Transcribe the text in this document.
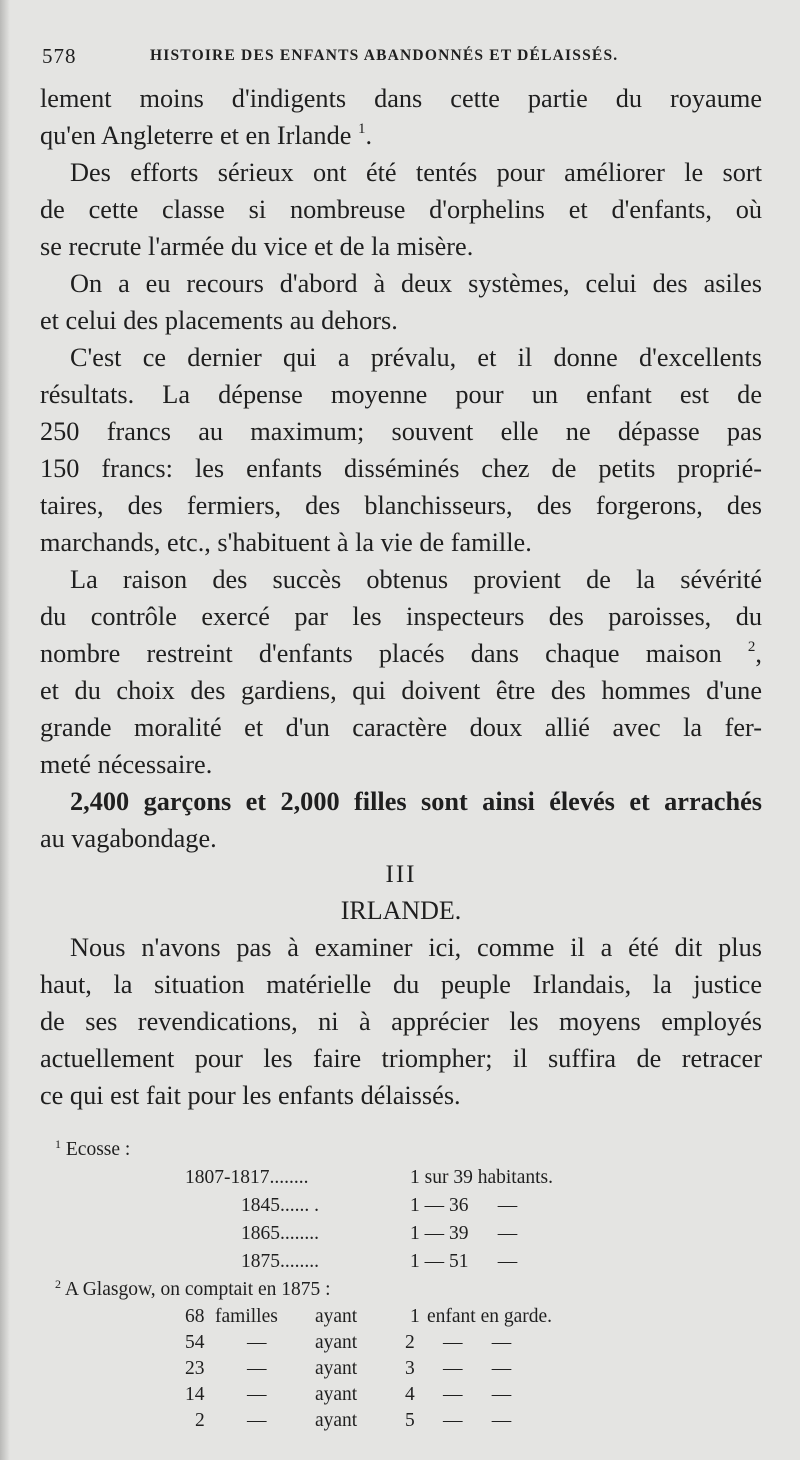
578	HISTOIRE DES ENFANTS ABANDONNÉS ET DÉLAISSÉS.
lement moins d'indigents dans cette partie du royaume
qu'en Angleterre et en Irlande $^1$.
Des efforts sérieux ont été tentés pour améliorer le sort
de cette classe si nombreuse d'orphelins et d'enfants, où
se recrute l'armée du vice et de la misère.
On a eu recours d'abord à deux systèmes, celui des asiles
et celui des placements au dehors.
C'est ce dernier qui a prévalu, et il donne d'excellents
résultats. La dépense moyenne pour un enfant est de
250 francs au maximum; souvent elle ne dépasse pas
150 francs: les enfants disséminés chez de petits proprié-
taires, des fermiers, des blanchisseurs, des forgerons, des
marchands, etc., s'habituent à la vie de famille.
La raison des succès obtenus provient de la sévérité
du contrôle exercé par les inspecteurs des paroisses, du
nombre restreint d'enfants placés dans chaque maison $^2$,
et du choix des gardiens, qui doivent être des hommes d'une
grande moralité et d'un caractère doux allié avec la fer-
meté nécessaire.
2,400 garçons et 2,000 filles sont ainsi élevés et arrachés
au vagabondage.
III
IRLANDE.
Nous n'avons pas à examiner ici, comme il a été dit plus
haut, la situation matérielle du peuple Irlandais, la justice
de ses revendications, ni à apprécier les moyens employés
actuellement pour les faire triompher; il suffira de retracer
ce qui est fait pour les enfants délaissés.
$^1$ Ecosse :
1807-1817........	1 sur 39 habitants.
1845...... .	1 — 36      —
1865........	1 — 39      —
1875........	1 — 51      —
$^2$ A Glasgow, on comptait en 1875 :
68 familles ayant	1 enfant en garde.
54 — ayant 2 —      —
23 — ayant 3 —      —
14 — ayant 4 —      —
2 — ayant 5 —      —
